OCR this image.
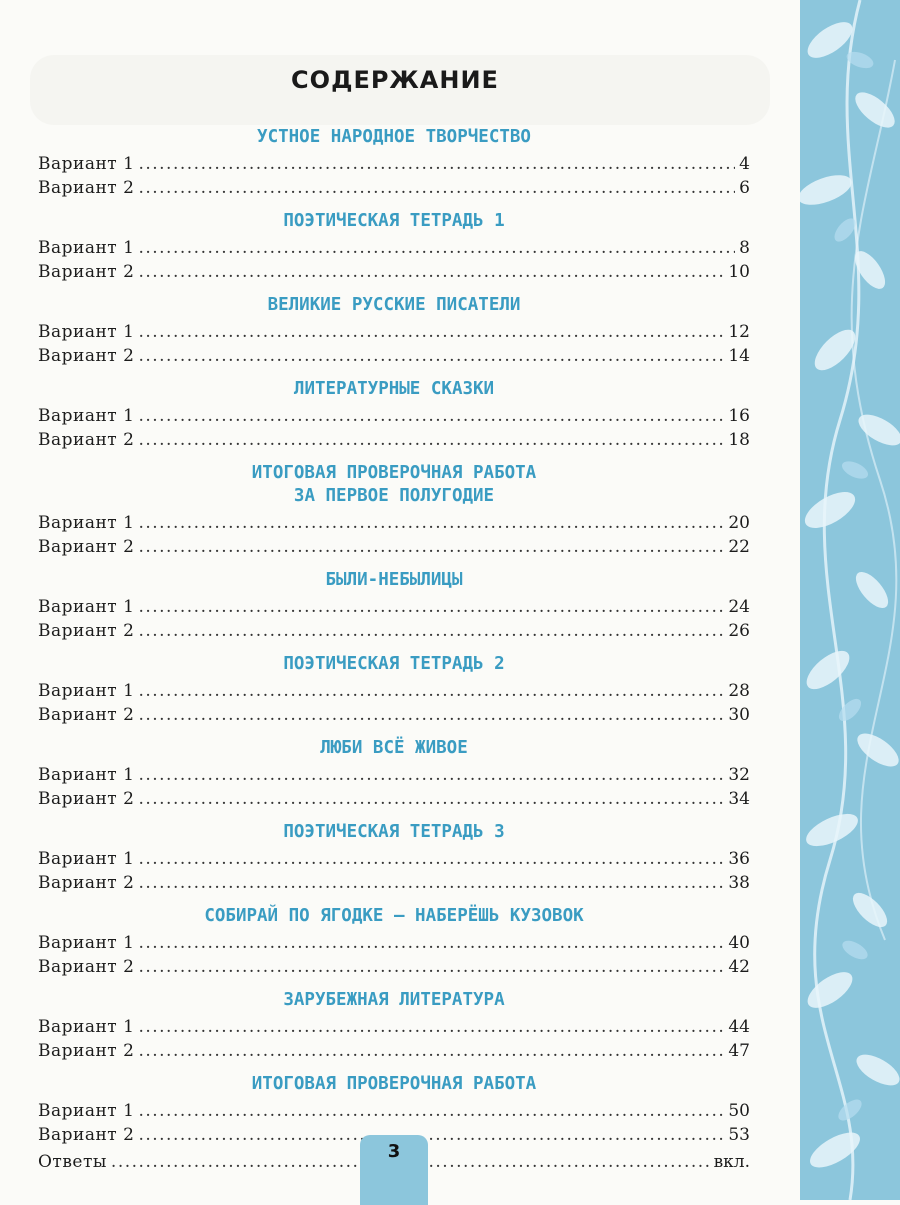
СОДЕРЖАНИЕ
УСТНОЕ НАРОДНОЕ ТВОРЧЕСТВО
Вариант 1 .....	4
Вариант 2 .....	6
ПОЭТИЧЕСКАЯ ТЕТРАДЬ 1
Вариант 1 .....	8
Вариант 2 .....	10
ВЕЛИКИЕ РУССКИЕ ПИСАТЕЛИ
Вариант 1 .....	12
Вариант 2 .....	14
ЛИТЕРАТУРНЫЕ СКАЗКИ
Вариант 1 .....	16
Вариант 2 .....	18
ИТОГОВАЯ ПРОВЕРОЧНАЯ РАБОТА
ЗА ПЕРВОЕ ПОЛУГОДИЕ
Вариант 1 .....	20
Вариант 2 .....	22
БЫЛИ-НЕБЫЛИЦЫ
Вариант 1 .....	24
Вариант 2 .....	26
ПОЭТИЧЕСКАЯ ТЕТРАДЬ 2
Вариант 1 .....	28
Вариант 2 .....	30
ЛЮБИ ВСЁ ЖИВОЕ
Вариант 1 .....	32
Вариант 2 .....	34
ПОЭТИЧЕСКАЯ ТЕТРАДЬ 3
Вариант 1 .....	36
Вариант 2 .....	38
СОБИРАЙ ПО ЯГОДКЕ — НАБЕРЁШЬ КУЗОВОК
Вариант 1 .....	40
Вариант 2 .....	42
ЗАРУБЕЖНАЯ ЛИТЕРАТУРА
Вариант 1 .....	44
Вариант 2 .....	47
ИТОГОВАЯ ПРОВЕРОЧНАЯ РАБОТА
Вариант 1 .....	50
Вариант 2 .....	53
Ответы .....	вкл.
3
